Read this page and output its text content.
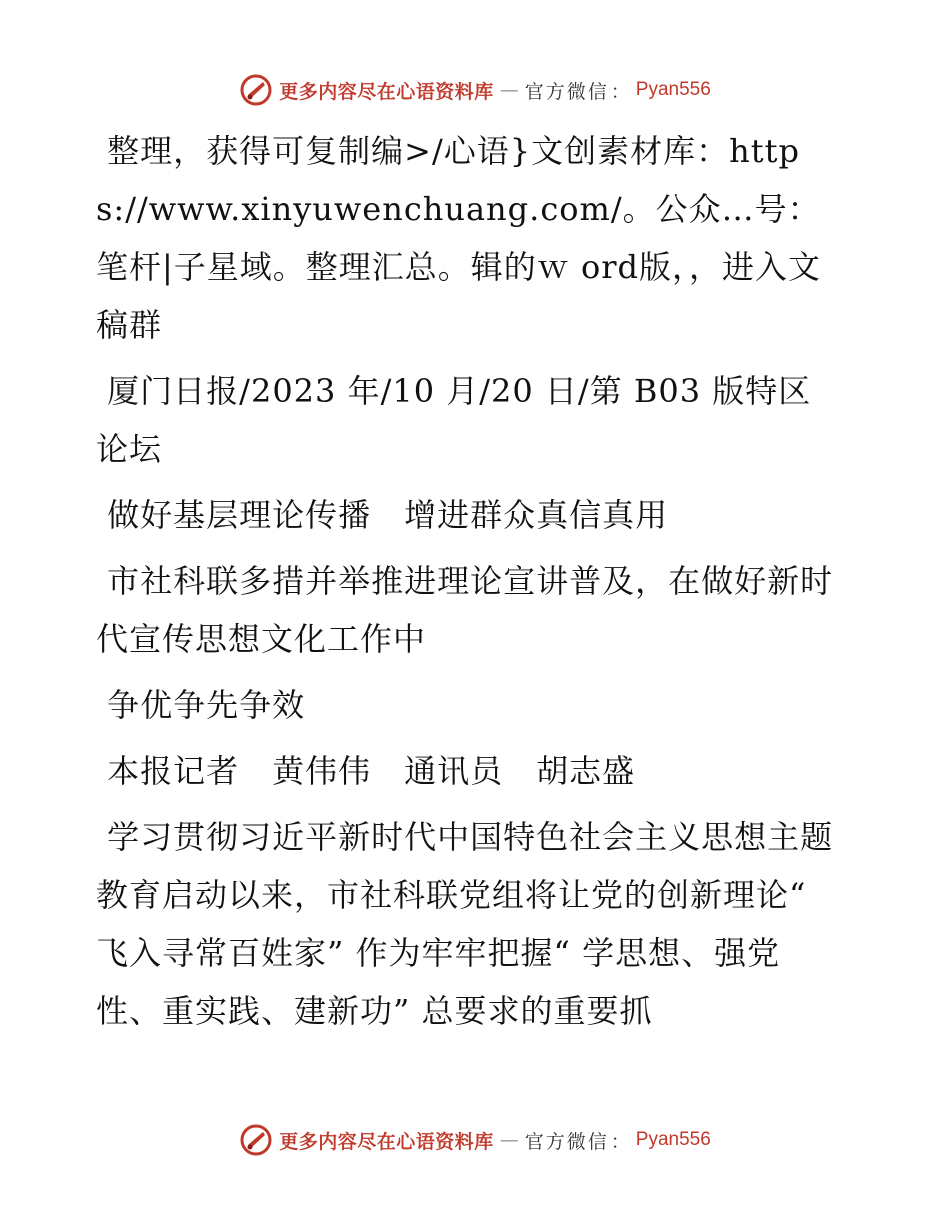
更多内容尽在心语资料库 — 官方微信 ： Pyan556

整理，获得可复制编>/心语}文创素材库：https://www.xinyuwenchuang.com/。公众…号：笔杆|子星域。整理汇总。辑的ｗ ord版，，进入文稿群

厦门日报/2023 年/10 月/20 日/第 B03 版特区论坛

做好基层理论传播　增进群众真信真用

市社科联多措并举推进理论宣讲普及，在做好新时代宣传思想文化工作中

争优争先争效

本报记者　黄伟伟　通讯员　胡志盛

学习贯彻习近平新时代中国特色社会主义思想主题教育启动以来，市社科联党组将让党的创新理论“ 飞入寻常百姓家” 作为牢牢把握“ 学思想、强党性、重实践、建新功” 总要求的重要抓

更多内容尽在心语资料库 — 官方微信 ： Pyan556
